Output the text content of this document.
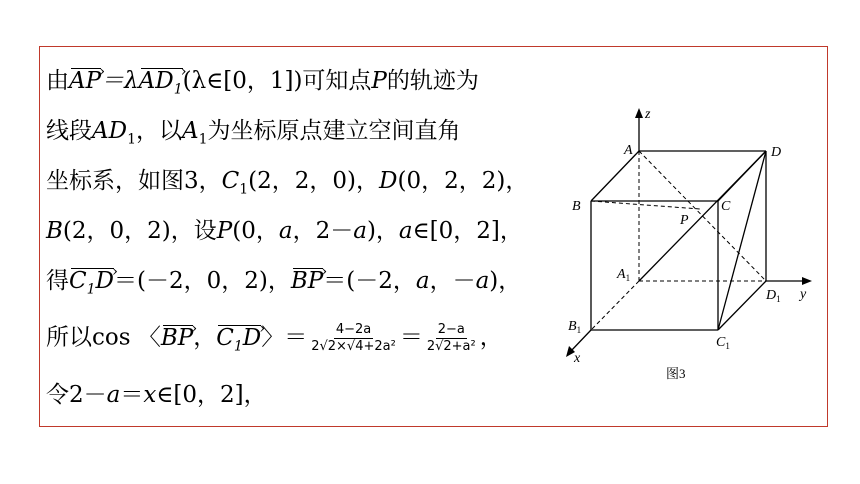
由› AP＝λ› $AD_1(\lambda\in[0$，1])可知点P的轨迹为
线段$AD_1$，以$A_1$为坐标原点建立空间直角
坐标系，如图3，$C_1(2$，2，0)，D(0，2，2)，
B(2，0，2)，设P(0，a，2－a)，a∈[0，2]，
得› $C_1D=(-2$，0，2)，› BP＝(－2，a，－a)，
所以cos 〈› BP，› $C_1D$〉＝ $\frac{4-2a}{\text{2√2×√4+2a²}} = \frac{2-a}{\text{2√2+a²}}$ ，
令2－a＝x∈[0，2]，
z
y
x
A	D
B	C
P
$A_1$
$D_1$
$B_1$
$C_1$
图3
